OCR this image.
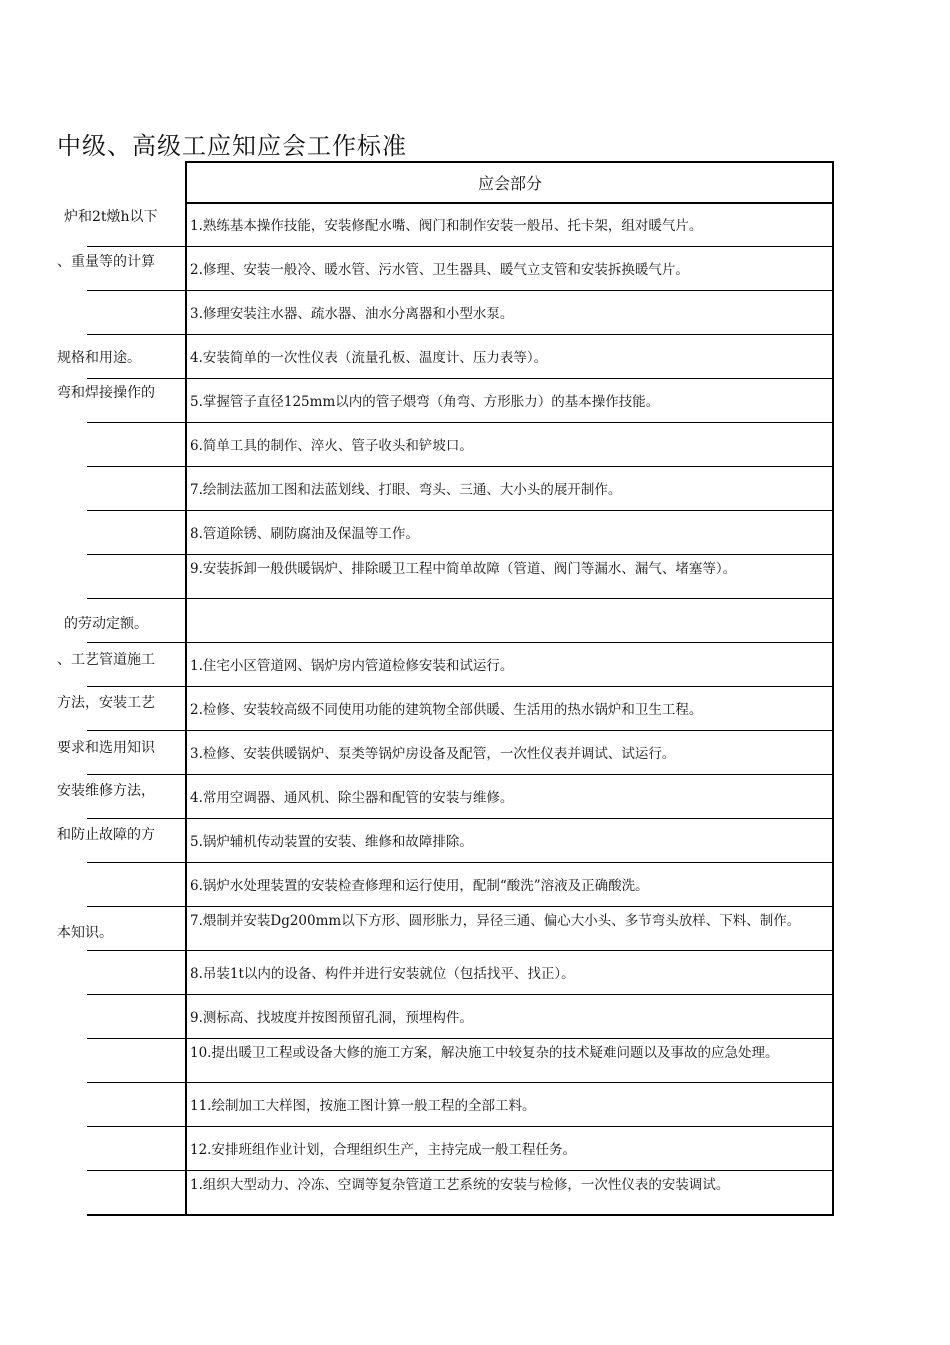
中级、高级工应知应会工作标准
应会部分
炉和2t燉h以下
、重量等的计算
规格和用途。
弯和焊接操作的
的劳动定额。
、工艺管道施工
方法，安装工艺
要求和选用知识
安装维修方法，
和防止故障的方
本知识。
1.熟练基本操作技能，安装修配水嘴、阀门和制作安装一般吊、托卡架，组对暖气片。
2.修理、安装一般冷、暖水管、污水管、卫生器具、暖气立支管和安装拆换暖气片。
3.修理安装注水器、疏水器、油水分离器和小型水泵。
4.安装简单的一次性仪表（流量孔板、温度计、压力表等）。
5.掌握管子直径125mm以内的管子煨弯（角弯、方形胀力）的基本操作技能。
6.简单工具的制作、淬火、管子收头和铲坡口。
7.绘制法蓝加工图和法蓝划线、打眼、弯头、三通、大小头的展开制作。
8.管道除锈、刷防腐油及保温等工作。
9.安装拆卸一般供暖锅炉、排除暖卫工程中简单故障（管道、阀门等漏水、漏气、堵塞等）。
1.住宅小区管道网、锅炉房内管道检修安装和试运行。
2.检修、安装较高级不同使用功能的建筑物全部供暖、生活用的热水锅炉和卫生工程。
3.检修、安装供暖锅炉、泵类等锅炉房设备及配管，一次性仪表并调试、试运行。
4.常用空调器、通风机、除尘器和配管的安装与维修。
5.锅炉辅机传动装置的安装、维修和故障排除。
6.锅炉水处理装置的安装检查修理和运行使用，配制“酸洗”溶液及正确酸洗。
7.煨制并安装Dg200mm以下方形、圆形胀力，异径三通、偏心大小头、多节弯头放样、下料、制作。
8.吊装1t以内的设备、构件并进行安装就位（包括找平、找正）。
9.测标高、找坡度并按图预留孔洞，预埋构件。
10.提出暖卫工程或设备大修的施工方案，解决施工中较复杂的技术疑难问题以及事故的应急处理。
11.绘制加工大样图，按施工图计算一般工程的全部工料。
12.安排班组作业计划，合理组织生产，主持完成一般工程任务。
1.组织大型动力、冷冻、空调等复杂管道工艺系统的安装与检修，一次性仪表的安装调试。
